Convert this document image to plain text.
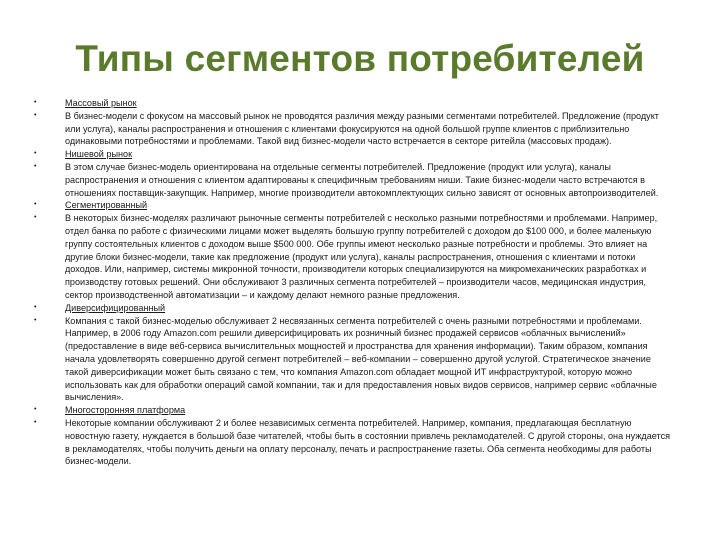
Типы сегментов потребителей
•	Массовый рынок
•	В бизнес-модели с фокусом на массовый рынок не проводятся различия между разными сегментами потребителей. Предложение (продукт или услуга), каналы распространения и отношения с клиентами фокусируются на одной большой группе клиентов с приблизительно одинаковыми потребностями и проблемами. Такой вид бизнес-модели часто встречается в секторе ритейла (массовых продаж).
•	Нишевой рынок
•	В этом случае бизнес-модель ориентирована на отдельные сегменты потребителей. Предложение (продукт или услуга), каналы распространения и отношения с клиентом адаптированы к специфичным требованиям ниши. Такие бизнес-модели часто встречаются в отношениях поставщик-закупщик. Например, многие производители автокомплектующих сильно зависят от основных автопроизводителей.
•	Сегментированный
•	В некоторых бизнес-моделях различают рыночные сегменты потребителей с несколько разными потребностями и проблемами. Например, отдел банка по работе с физическими лицами может выделять большую группу потребителей с доходом до $100 000, и более маленькую группу состоятельных клиентов с доходом выше $500 000. Обе группы имеют несколько разные потребности и проблемы. Это влияет на другие блоки бизнес-модели, такие как предложение (продукт или услуга), каналы распространения, отношения с клиентами и потоки доходов. Или, например, системы микронной точности, производители которых специализируются на микромеханических разработках и производству готовых решений. Они обслуживают 3 различных сегмента потребителей – производители часов, медицинская индустрия, сектор производственной автоматизации – и каждому делают немного разные предложения.
•	Диверсифицированный
•	Компания с такой бизнес-моделью обслуживает 2 несвязанных сегмента потребителей с очень разными потребностями и проблемами. Например, в 2006 году Amazon.com решили диверсифицировать их розничный бизнес продажей сервисов «облачных вычислений» (предоставление в виде веб-сервиса вычислительных мощностей и пространства для хранения информации). Таким образом, компания начала удовлетворять совершенно другой сегмент потребителей – веб-компании – совершенно другой услугой. Стратегическое значение такой диверсификации может быть связано с тем, что компания Amazon.com обладает мощной ИТ инфраструктурой, которую можно использовать как для обработки операций самой компании, так и для предоставления новых видов сервисов, например сервис «облачные вычисления».
•	Многосторонняя платформа
•	Некоторые компании обслуживают 2 и более независимых сегмента потребителей. Например, компания, предлагающая бесплатную новостную газету, нуждается в большой базе читателей, чтобы быть в состоянии привлечь рекламодателей. С другой стороны, она нуждается в рекламодателях, чтобы получить деньги на оплату персоналу, печать и распространение газеты. Оба сегмента необходимы для работы бизнес-модели.
